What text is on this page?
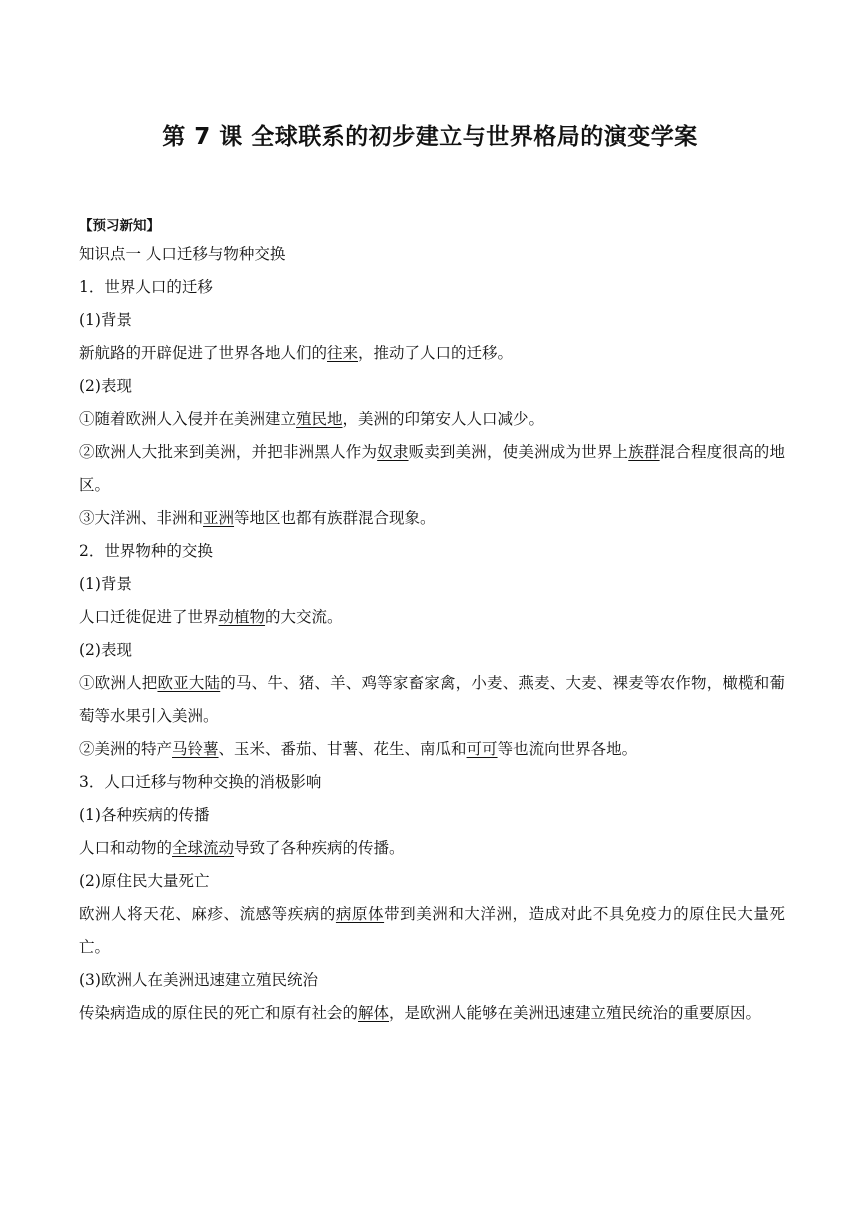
第 7 课 全球联系的初步建立与世界格局的演变学案
【预习新知】
知识点一 人口迁移与物种交换
1．世界人口的迁移
(1)背景
新航路的开辟促进了世界各地人们的往来，推动了人口的迁移。
(2)表现
①随着欧洲人入侵并在美洲建立殖民地，美洲的印第安人人口减少。
②欧洲人大批来到美洲，并把非洲黑人作为奴隶贩卖到美洲，使美洲成为世界上族群混合程度很高的地区。
③大洋洲、非洲和亚洲等地区也都有族群混合现象。
2．世界物种的交换
(1)背景
人口迁徙促进了世界动植物的大交流。
(2)表现
①欧洲人把欧亚大陆的马、牛、猪、羊、鸡等家畜家禽，小麦、燕麦、大麦、裸麦等农作物，橄榄和葡萄等水果引入美洲。
②美洲的特产马铃薯、玉米、番茄、甘薯、花生、南瓜和可可等也流向世界各地。
3．人口迁移与物种交换的消极影响
(1)各种疾病的传播
人口和动物的全球流动导致了各种疾病的传播。
(2)原住民大量死亡
欧洲人将天花、麻疹、流感等疾病的病原体带到美洲和大洋洲，造成对此不具免疫力的原住民大量死亡。
(3)欧洲人在美洲迅速建立殖民统治
传染病造成的原住民的死亡和原有社会的解体，是欧洲人能够在美洲迅速建立殖民统治的重要原因。
